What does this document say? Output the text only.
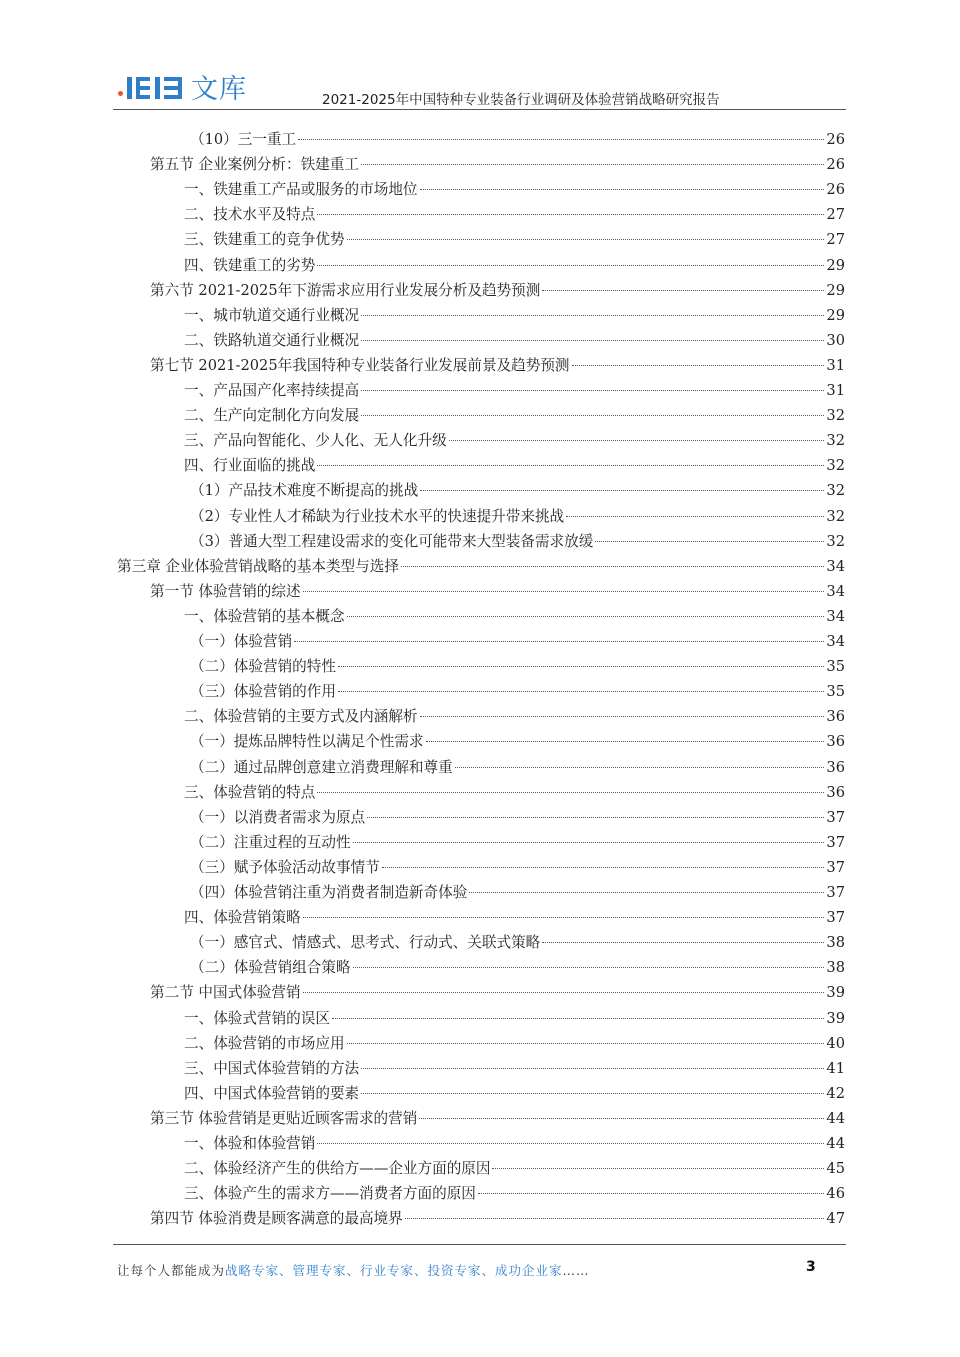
文库	2021-2025年中国特种专业装备行业调研及体验营销战略研究报告
（10）三一重工	26
第五节 企业案例分析：铁建重工	26
一、铁建重工产品或服务的市场地位	26
二、技术水平及特点	27
三、铁建重工的竞争优势	27
四、铁建重工的劣势	29
第六节 2021-2025年下游需求应用行业发展分析及趋势预测	29
一、城市轨道交通行业概况	29
二、铁路轨道交通行业概况	30
第七节 2021-2025年我国特种专业装备行业发展前景及趋势预测	31
一、产品国产化率持续提高	31
二、生产向定制化方向发展	32
三、产品向智能化、少人化、无人化升级	32
四、行业面临的挑战	32
（1）产品技术难度不断提高的挑战	32
（2）专业性人才稀缺为行业技术水平的快速提升带来挑战	32
（3）普通大型工程建设需求的变化可能带来大型装备需求放缓	32
第三章 企业体验营销战略的基本类型与选择	34
第一节 体验营销的综述	34
一、体验营销的基本概念	34
（一）体验营销	34
（二）体验营销的特性	35
（三）体验营销的作用	35
二、体验营销的主要方式及内涵解析	36
（一）提炼品牌特性以满足个性需求	36
（二）通过品牌创意建立消费理解和尊重	36
三、体验营销的特点	36
（一）以消费者需求为原点	37
（二）注重过程的互动性	37
（三）赋予体验活动故事情节	37
（四）体验营销注重为消费者制造新奇体验	37
四、体验营销策略	37
（一）感官式、情感式、思考式、行动式、关联式策略	38
（二）体验营销组合策略	38
第二节 中国式体验营销	39
一、体验式营销的误区	39
二、体验营销的市场应用	40
三、中国式体验营销的方法	41
四、中国式体验营销的要素	42
第三节 体验营销是更贴近顾客需求的营销	44
一、体验和体验营销	44
二、体验经济产生的供给方——企业方面的原因	45
三、体验产生的需求方——消费者方面的原因	46
第四节 体验消费是顾客满意的最高境界	47
让每个人都能成为战略专家、管理专家、行业专家、投资专家、成功企业家……	3
